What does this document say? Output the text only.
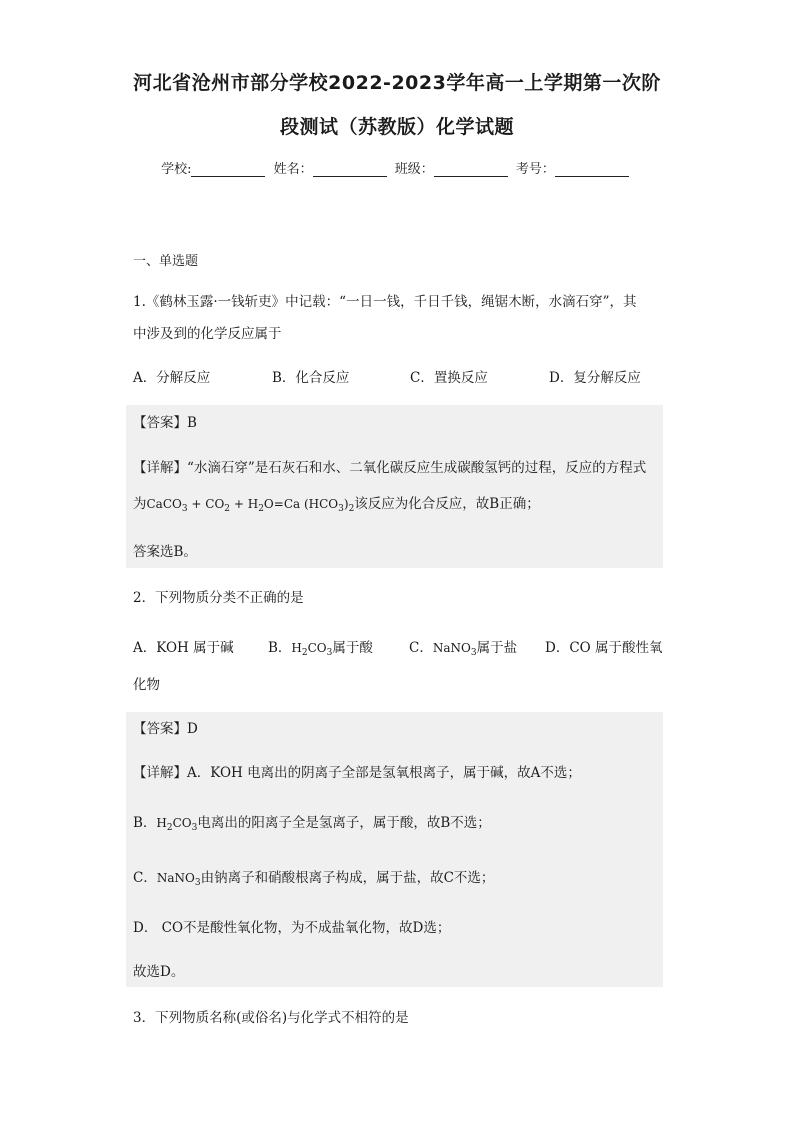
河北省沧州市部分学校2022-2023学年高一上学期第一次阶
段测试（苏教版）化学试题
学校:	姓名：	班级：	考号：
一、单选题
1.《鹤林玉露·一钱斩吏》中记载：“一日一钱，千日千钱，绳锯木断，水滴石穿”，其
中涉及到的化学反应属于
A．分解反应	B．化合反应	C．置换反应	D．复分解反应
【答案】B
【详解】“水滴石穿”是石灰石和水、二氧化碳反应生成碳酸氢钙的过程，反应的方程式
为CaCO$_3$ + $CO_2 + H_2O=Ca$ $(HCO_3)_2$该反应为化合反应，故B正确；
答案选B。
2．下列物质分类不正确的是
A．KOH 属于碱	B．$H_2CO_3$属于酸	C．NaNO$_3$属于盐 D．CO 属于酸性氧
化物
【答案】D
【详解】A．KOH 电离出的阴离子全部是氢氧根离子，属于碱，故A不选；
B．$H_2CO_3$电离出的阳离子全是氢离子，属于酸，故B不选；
C．NaNO$_3$由钠离子和硝酸根离子构成，属于盐，故C不选；
D． CO不是酸性氧化物，为不成盐氧化物，故D选；
故选D。
3．下列物质名称(或俗名)与化学式不相符的是
